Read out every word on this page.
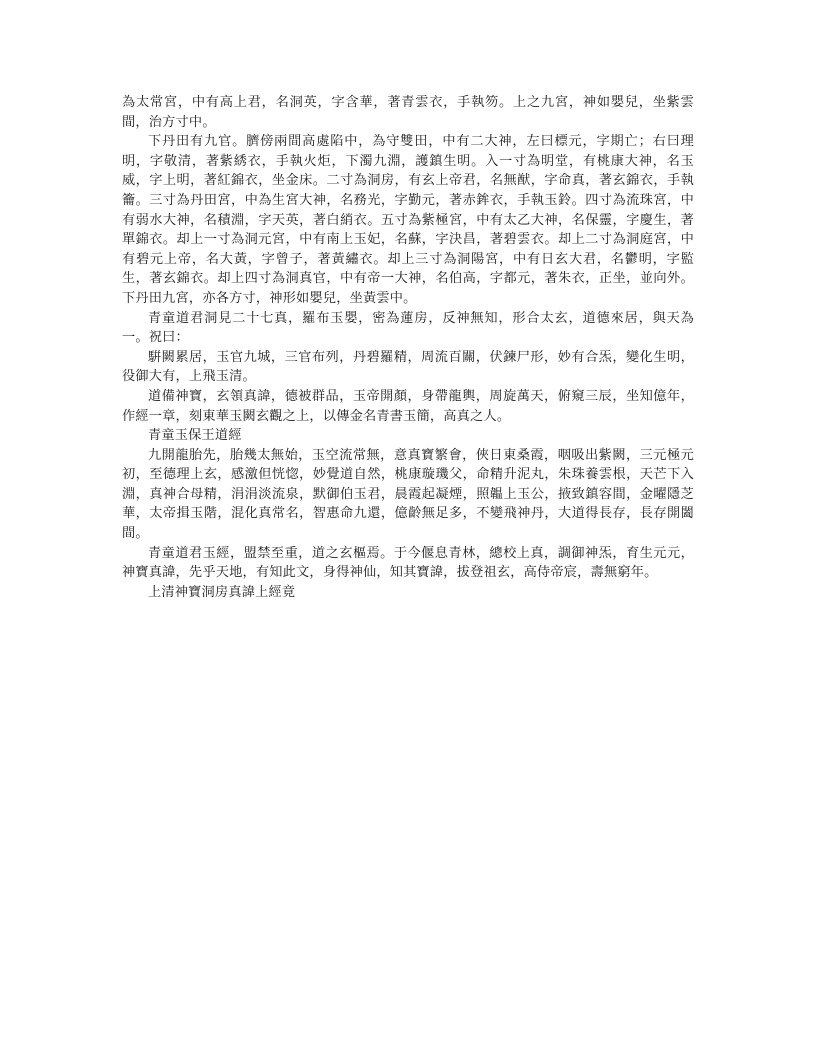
為太常宮，中有高上君，名洞英，字含華，著青雲衣，手執笏。上之九宮，神如嬰兒，坐紫雲間，治方寸中。

下丹田有九官。臍傍兩間高處陷中，為守雙田，中有二大神，左曰標元，字期亡；右曰理明，字敬清，著紫綉衣，手執火炬，下濁九淵，護鎮生明。入一寸為明堂，有桃康大神，名玉威，字上明，著紅錦衣，坐金床。二寸為洞房，有玄上帝君，名無猷，字命真，著玄錦衣，手執籥。三寸為丹田宮，中為生宮大神，名務光，字勤元，著赤鉾衣，手執玉鈴。四寸為流珠宮，中有弱水大神，名積淵，字天英，著白綃衣。五寸為紫極宮，中有太乙大神，名保靈，字慶生，著單錦衣。却上一寸為洞元宮，中有南上玉妃，名蘇，字決昌，著碧雲衣。却上二寸為洞庭宮，中有碧元上帝，名大黃，字曾子，著黃繡衣。却上三寸為洞陽宮，中有日玄大君，名鬱明，字監生，著玄錦衣。却上四寸為洞真官，中有帝一大神，名伯高，字都元，著朱衣，正坐，並向外。下丹田九宮，亦各方寸，神形如嬰兒，坐黃雲中。

青童道君洞見二十七真，羅布玉嬰，密為蓮房，反神無知，形合太玄，道德來居，與天為一。祝曰：

騈闕累居，玉官九城，三官布列，丹碧羅精，周流百關，伏鍊尸形，妙有合炁，變化生明，役御大有，上飛玉清。

道備神寶，玄領真諱，德被群品，玉帝開顏，身帶龍輿，周旋萬天，俯窺三辰，坐知億年，作經一章，刻東華玉闕玄觀之上，以傳金名青書玉簡，高真之人。

青童玉保王道經

九開龍胎先，胎幾太無始，玉空流常無，意真寶繁會，俠日東桑霞，咽吸出紫闕，三元極元初，至德理上玄，感激但恍惚，妙覺道自然，桃康璇璣父，命精升泥丸，朱珠養雲根，天芒下入淵，真神合母精，涓涓淡流泉，默御伯玉君，晨霞起凝煙，照韞上玉公，掖致鎮容間，金曜隱芝華，太帝揖玉階，混化真常名，智惠命九還，億齡無足多，不變飛神丹，大道得長存，長存開闔間。

青童道君玉經，盟禁至重，道之玄樞焉。于今偃息青林，總校上真，調御神炁，育生元元，神寶真諱，先乎天地，有知此文，身得神仙，知其寶諱，拔登祖玄，高侍帝宸，壽無窮年。

上清神寶洞房真諱上經竟
